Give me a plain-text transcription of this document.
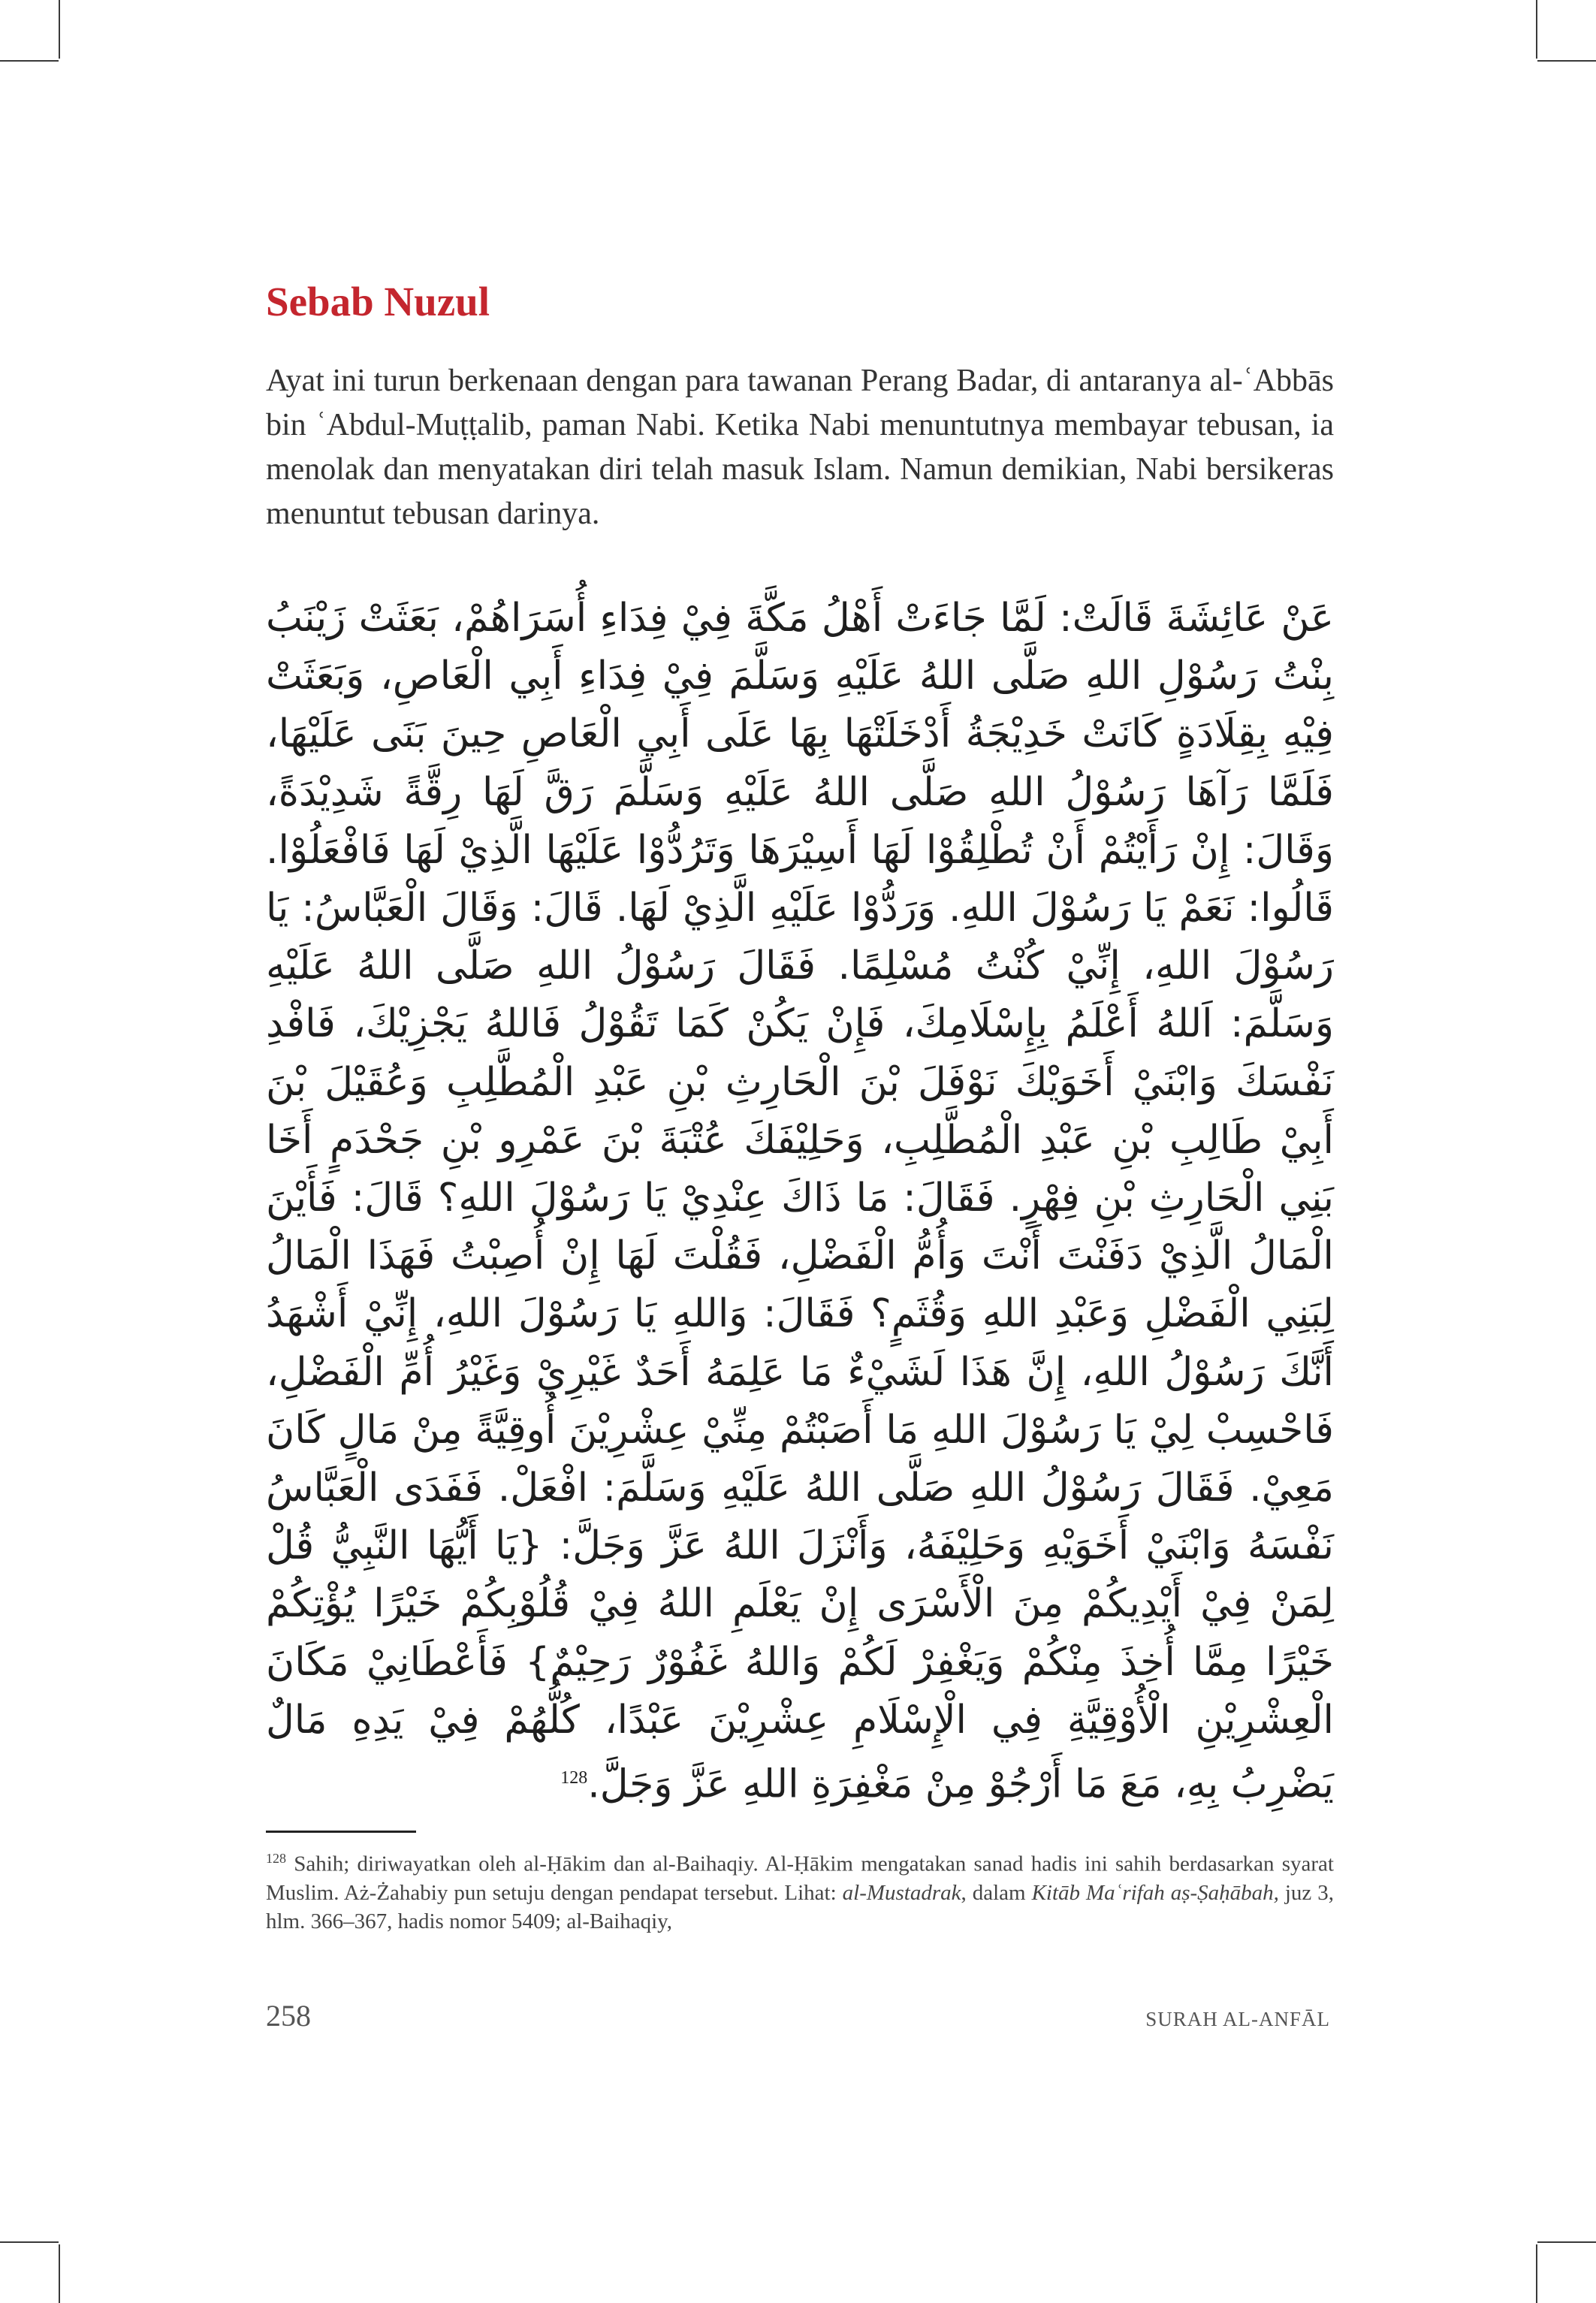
Sebab Nuzul

Ayat ini turun berkenaan dengan para tawanan Perang Badar, di antaranya al-ʿAbbās bin ʿAbdul-Muṭṭalib, paman Nabi. Ketika Nabi menuntutnya membayar tebusan, ia menolak dan menyatakan diri telah masuk Islam. Namun demikian, Nabi bersikeras menuntut tebusan darinya.

عَنْ عَائِشَةَ قَالَتْ: لَمَّا جَاءَتْ أَهْلُ مَكَّةَ فِيْ فِدَاءِ أُسَرَاهُمْ، بَعَثَتْ زَيْنَبُ بِنْتُ رَسُوْلِ اللهِ صَلَّى اللهُ عَلَيْهِ وَسَلَّمَ فِيْ فِدَاءِ أَبِي الْعَاصِ، وَبَعَثَتْ فِيْهِ بِقِلَادَةٍ كَانَتْ خَدِيْجَةُ أَدْخَلَتْهَا بِهَا عَلَى أَبِي الْعَاصِ حِينَ بَنَى عَلَيْهَا، فَلَمَّا رَآهَا رَسُوْلُ اللهِ صَلَّى اللهُ عَلَيْهِ وَسَلَّمَ رَقَّ لَهَا رِقَّةً شَدِيْدَةً، وَقَالَ: إِنْ رَأَيْتُمْ أَنْ تُطْلِقُوْا لَهَا أَسِيْرَهَا وَتَرُدُّوْا عَلَيْهَا الَّذِيْ لَهَا فَافْعَلُوْا. قَالُوا: نَعَمْ يَا رَسُوْلَ اللهِ. وَرَدُّوْا عَلَيْهِ الَّذِيْ لَهَا. قَالَ: وَقَالَ الْعَبَّاسُ: يَا رَسُوْلَ اللهِ، إِنِّيْ كُنْتُ مُسْلِمًا. فَقَالَ رَسُوْلُ اللهِ صَلَّى اللهُ عَلَيْهِ وَسَلَّمَ: اَللهُ أَعْلَمُ بِإِسْلَامِكَ، فَإِنْ يَكُنْ كَمَا تَقُوْلُ فَاللهُ يَجْزِيْكَ، فَافْدِ نَفْسَكَ وَابْنَيْ أَخَوَيْكَ نَوْفَلَ بْنَ الْحَارِثِ بْنِ عَبْدِ الْمُطَّلِبِ وَعُقَيْلَ بْنَ أَبِيْ طَالِبِ بْنِ عَبْدِ الْمُطَّلِبِ، وَحَلِيْفَكَ عُتْبَةَ بْنَ عَمْرِو بْنِ جَحْدَمٍ أَخَا بَنِي الْحَارِثِ بْنِ فِهْرٍ. فَقَالَ: مَا ذَاكَ عِنْدِيْ يَا رَسُوْلَ اللهِ؟ قَالَ: فَأَيْنَ الْمَالُ الَّذِيْ دَفَنْتَ أَنْتَ وَأُمُّ الْفَضْلِ، فَقُلْتَ لَهَا إِنْ أُصِبْتُ فَهَذَا الْمَالُ لِبَنِي الْفَضْلِ وَعَبْدِ اللهِ وَقُثَمٍ؟ فَقَالَ: وَاللهِ يَا رَسُوْلَ اللهِ، إِنِّيْ أَشْهَدُ أَنَّكَ رَسُوْلُ اللهِ، إِنَّ هَذَا لَشَيْءٌ مَا عَلِمَهُ أَحَدٌ غَيْرِيْ وَغَيْرُ أُمِّ الْفَضْلِ، فَاحْسِبْ لِيْ يَا رَسُوْلَ اللهِ مَا أَصَبْتُمْ مِنِّيْ عِشْرِيْنَ أُوقِيَّةً مِنْ مَالٍ كَانَ مَعِيْ. فَقَالَ رَسُوْلُ اللهِ صَلَّى اللهُ عَلَيْهِ وَسَلَّمَ: افْعَلْ. فَفَدَى الْعَبَّاسُ نَفْسَهُ وَابْنَيْ أَخَوَيْهِ وَحَلِيْفَهُ، وَأَنْزَلَ اللهُ عَزَّ وَجَلَّ: {يَا أَيُّهَا النَّبِيُّ قُلْ لِمَنْ فِيْ أَيْدِيكُمْ مِنَ الْأَسْرَى إِنْ يَعْلَمِ اللهُ فِيْ قُلُوْبِكُمْ خَيْرًا يُؤْتِكُمْ خَيْرًا مِمَّا أُخِذَ مِنْكُمْ وَيَغْفِرْ لَكُمْ وَاللهُ غَفُوْرٌ رَحِيْمٌ} فَأَعْطَانِيْ مَكَانَ الْعِشْرِيْنِ الْأُوْقِيَّةِ فِي الْإِسْلَامِ عِشْرِيْنَ عَبْدًا، كُلُّهُمْ فِيْ يَدِهِ مَالٌ يَضْرِبُ بِهِ، مَعَ مَا أَرْجُوْ مِنْ مَغْفِرَةِ اللهِ عَزَّ وَجَلَّ.$^{128}$

$^{128}$ Sahih; diriwayatkan oleh al-Ḥākim dan al-Baihaqiy. Al-Ḥākim mengatakan sanad hadis ini sahih berdasarkan syarat Muslim. Aż-Żahabiy pun setuju dengan pendapat tersebut. Lihat: al-Mustadrak, dalam Kitāb Maʿrifah aṣ-Ṣaḥābah, juz 3, hlm. 366–367, hadis nomor 5409; al-Baihaqiy,

258	SURAH AL-ANFĀL
